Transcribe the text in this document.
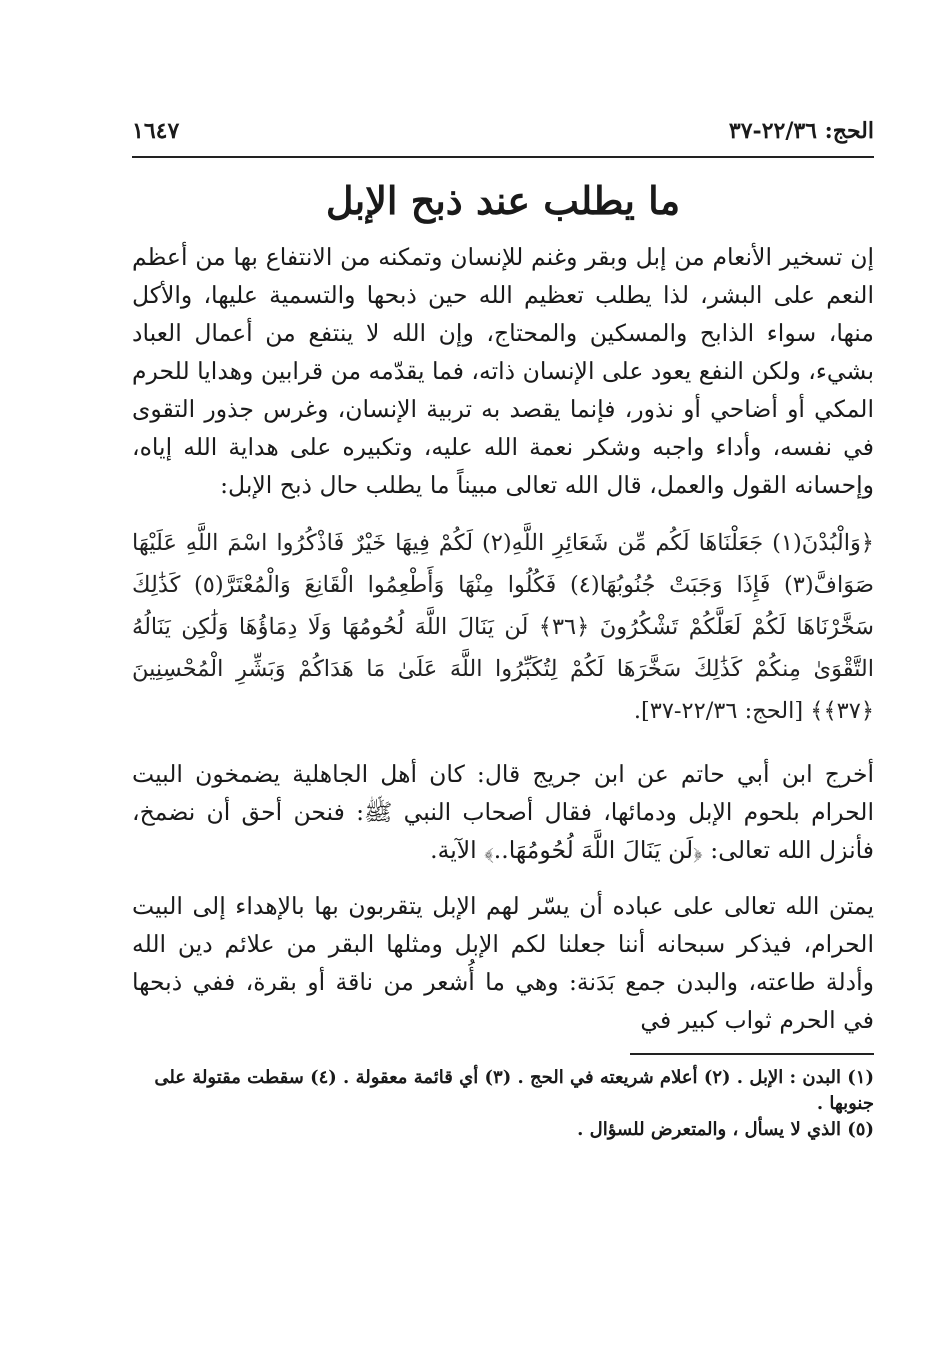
الحج: ٢٢/٣٦-٣٧
١٦٤٧
ما يطلب عند ذبح الإبل

إن تسخير الأنعام من إبل وبقر وغنم للإنسان وتمكنه من الانتفاع بها من أعظم النعم على البشر، لذا يطلب تعظيم الله حين ذبحها والتسمية عليها، والأكل منها، سواء الذابح والمسكين والمحتاج، وإن الله لا ينتفع من أعمال العباد بشيء، ولكن النفع يعود على الإنسان ذاته، فما يقدّمه من قرابين وهدايا للحرم المكي أو أضاحي أو نذور، فإنما يقصد به تربية الإنسان، وغرس جذور التقوى في نفسه، وأداء واجبه وشكر نعمة الله عليه، وتكبيره على هداية الله إياه، وإحسانه القول والعمل، قال الله تعالى مبيناً ما يطلب حال ذبح الإبل:

﴿وَالْبُدْنَ(١) جَعَلْنَاهَا لَكُم مِّن شَعَائِرِ اللَّهِ(٢) لَكُمْ فِيهَا خَيْرٌ فَاذْكُرُوا اسْمَ اللَّهِ عَلَيْهَا صَوَافَّ(٣) فَإِذَا وَجَبَتْ جُنُوبُهَا(٤) فَكُلُوا مِنْهَا وَأَطْعِمُوا الْقَانِعَ وَالْمُعْتَرَّ(٥) كَذَٰلِكَ سَخَّرْنَاهَا لَكُمْ لَعَلَّكُمْ تَشْكُرُونَ ﴿٣٦﴾ لَن يَنَالَ اللَّهَ لُحُومُهَا وَلَا دِمَاؤُهَا وَلَٰكِن يَنَالُهُ التَّقْوَىٰ مِنكُمْ كَذَٰلِكَ سَخَّرَهَا لَكُمْ لِتُكَبِّرُوا اللَّهَ عَلَىٰ مَا هَدَاكُمْ وَبَشِّرِ الْمُحْسِنِينَ ﴿٣٧﴾﴾ [الحج: ٢٢/٣٦-٣٧].

أخرج ابن أبي حاتم عن ابن جريج قال: كان أهل الجاهلية يضمخون البيت الحرام بلحوم الإبل ودمائها، فقال أصحاب النبي ﷺ: فنحن أحق أن نضمخ، فأنزل الله تعالى: ﴿لَن يَنَالَ اللَّهَ لُحُومُهَا..﴾ الآية.

يمتن الله تعالى على عباده أن يسّر لهم الإبل يتقربون بها بالإهداء إلى البيت الحرام، فيذكر سبحانه أننا جعلنا لكم الإبل ومثلها البقر من علائم دين الله وأدلة طاعته، والبدن جمع بَدَنة: وهي ما أُشعر من ناقة أو بقرة، ففي ذبحها في الحرم ثواب كبير في

(١) البدن : الإبل . (٢) أعلام شريعته في الحج . (٣) أي قائمة معقولة . (٤) سقطت مقتولة على جنوبها .
(٥) الذي لا يسأل ، والمتعرض للسؤال .
